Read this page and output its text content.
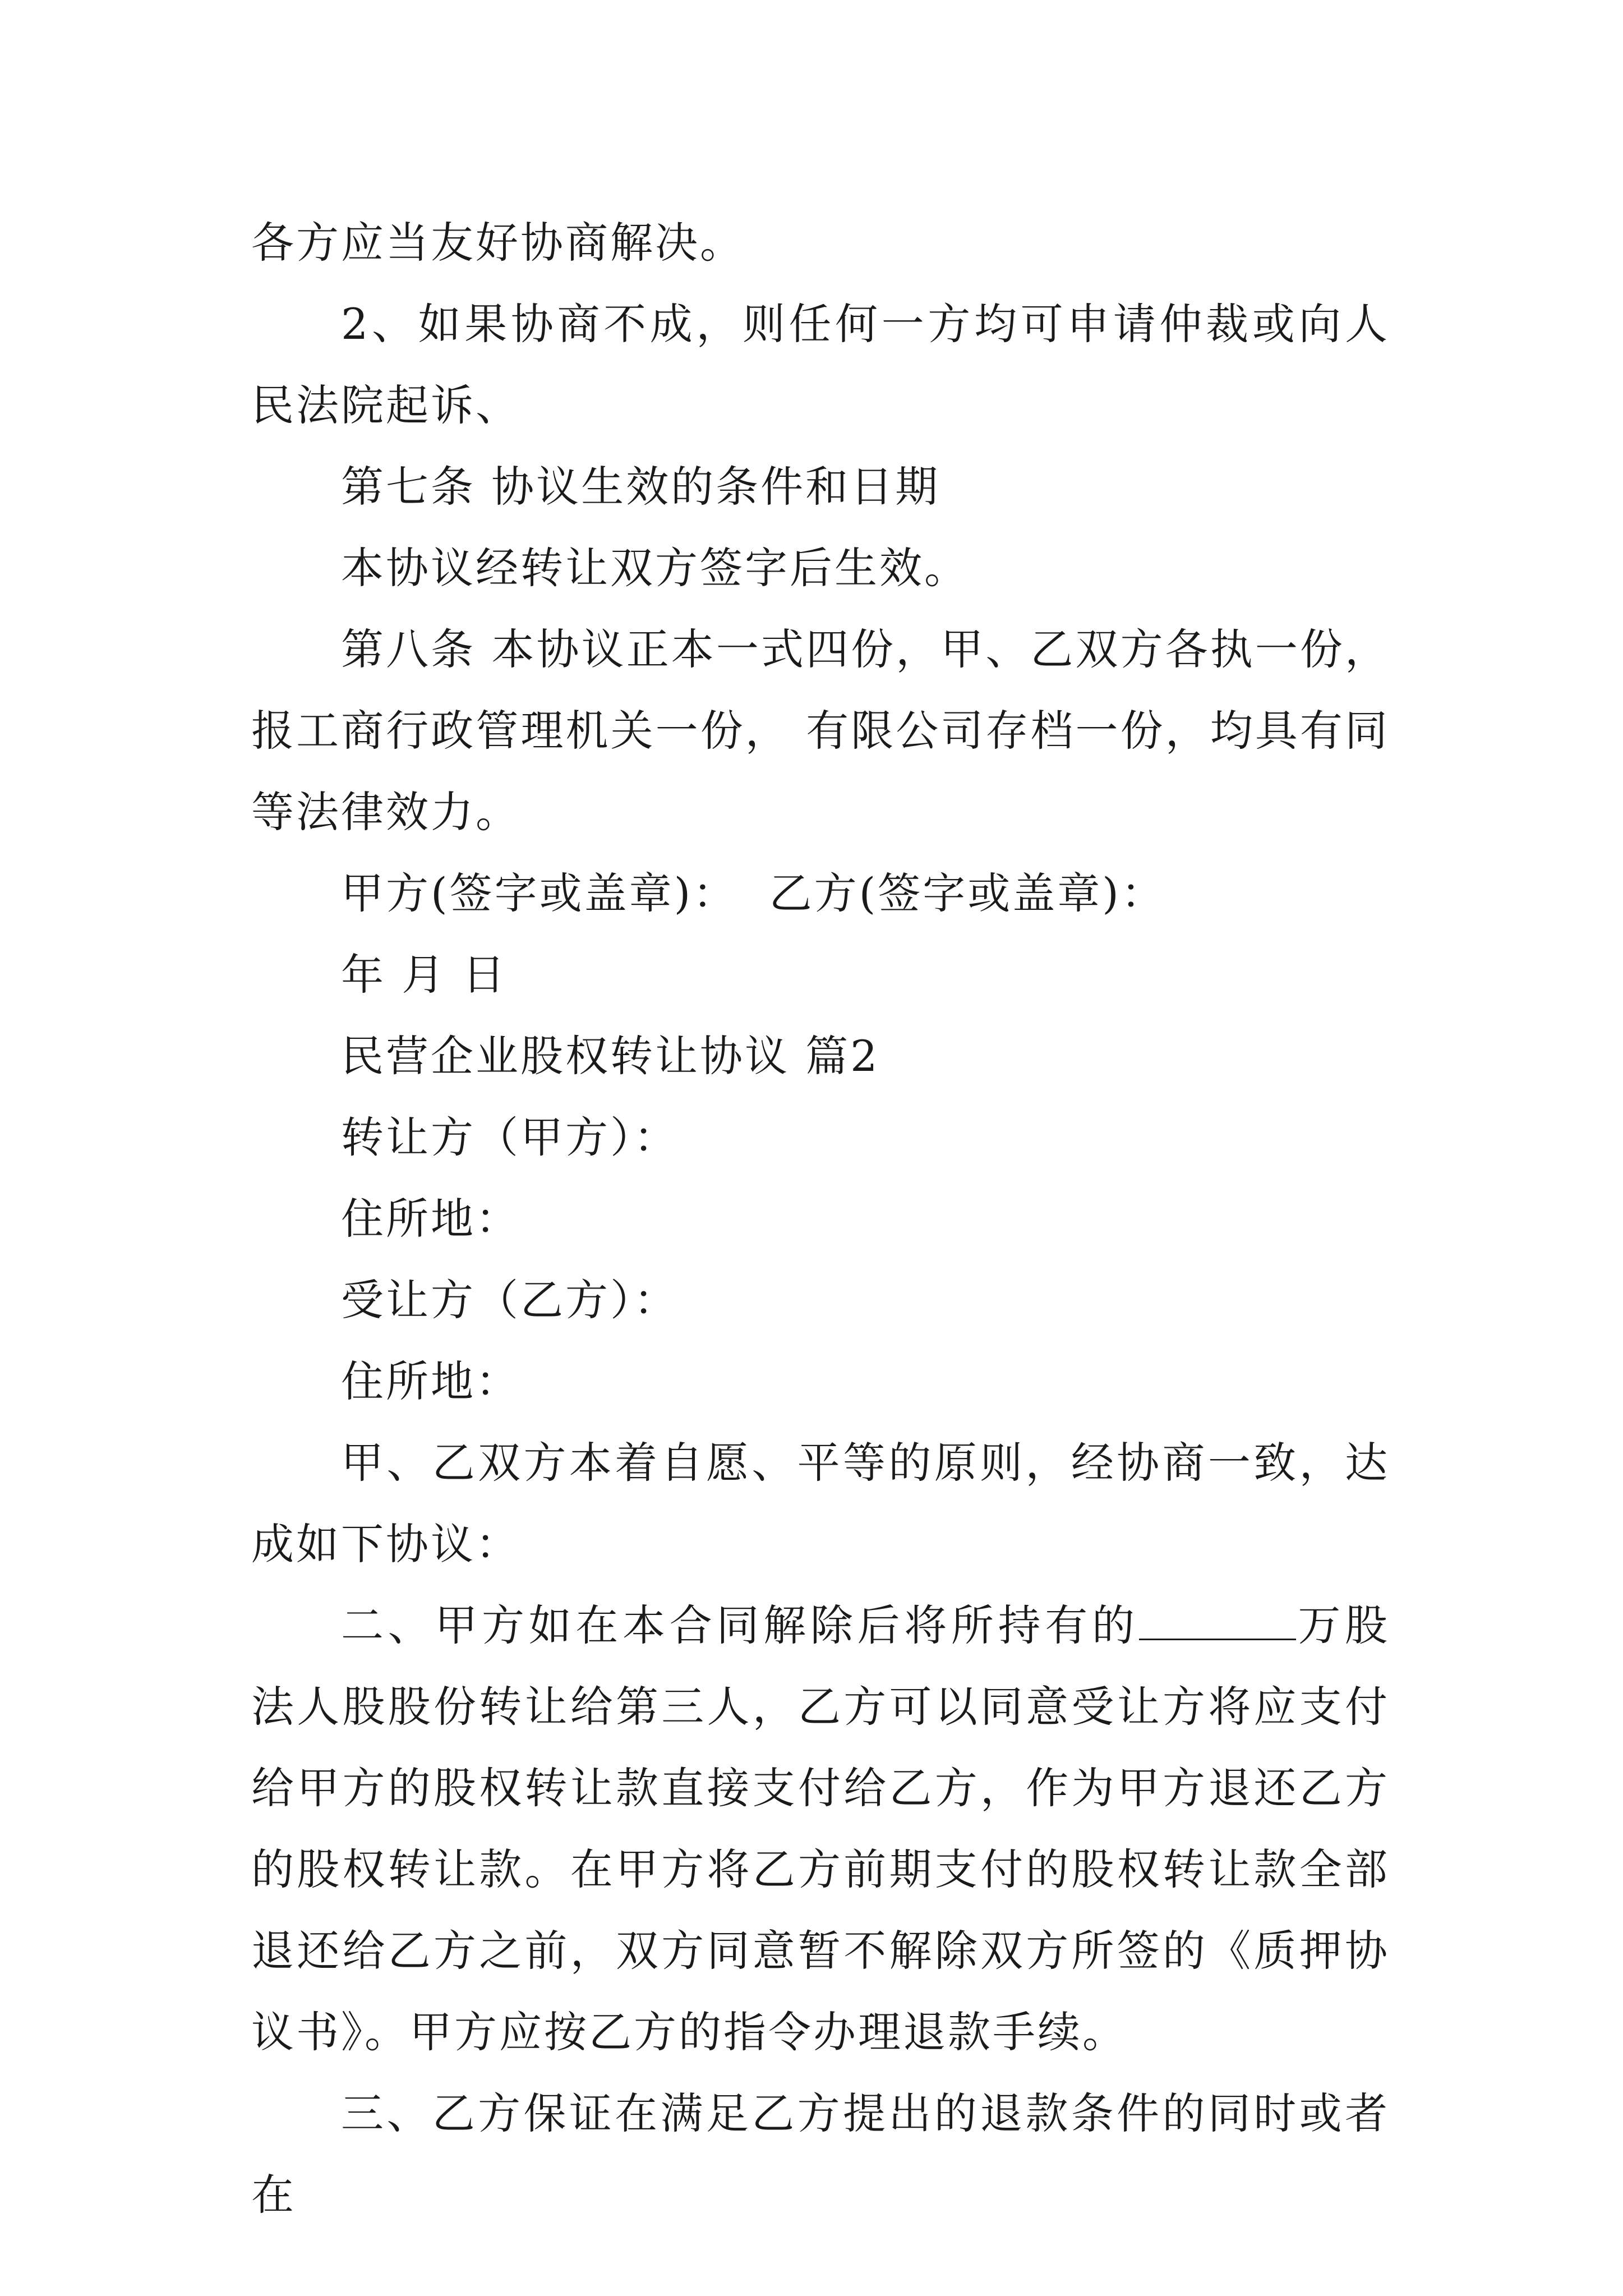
各方应当友好协商解决。

2、如果协商不成，则任何一方均可申请仲裁或向人民法院起诉、

第七条 协议生效的条件和日期

本协议经转让双方签字后生效。

第八条 本协议正本一式四份，甲、乙双方各执一份，报工商行政管理机关一份， 有限公司存档一份，均具有同等法律效力。

甲方(签字或盖章)：  乙方(签字或盖章)：

年 月 日

民营企业股权转让协议 篇2

转让方（甲方）：

住所地：

受让方（乙方）：

住所地：

甲、乙双方本着自愿、平等的原则，经协商一致，达成如下协议：

二、甲方如在本合同解除后将所持有的	万股法人股股份转让给第三人，乙方可以同意受让方将应支付给甲方的股权转让款直接支付给乙方，作为甲方退还乙方的股权转让款。在甲方将乙方前期支付的股权转让款全部退还给乙方之前，双方同意暂不解除双方所签的《质押协议书》。甲方应按乙方的指令办理退款手续。

三、乙方保证在满足乙方提出的退款条件的同时或者在
